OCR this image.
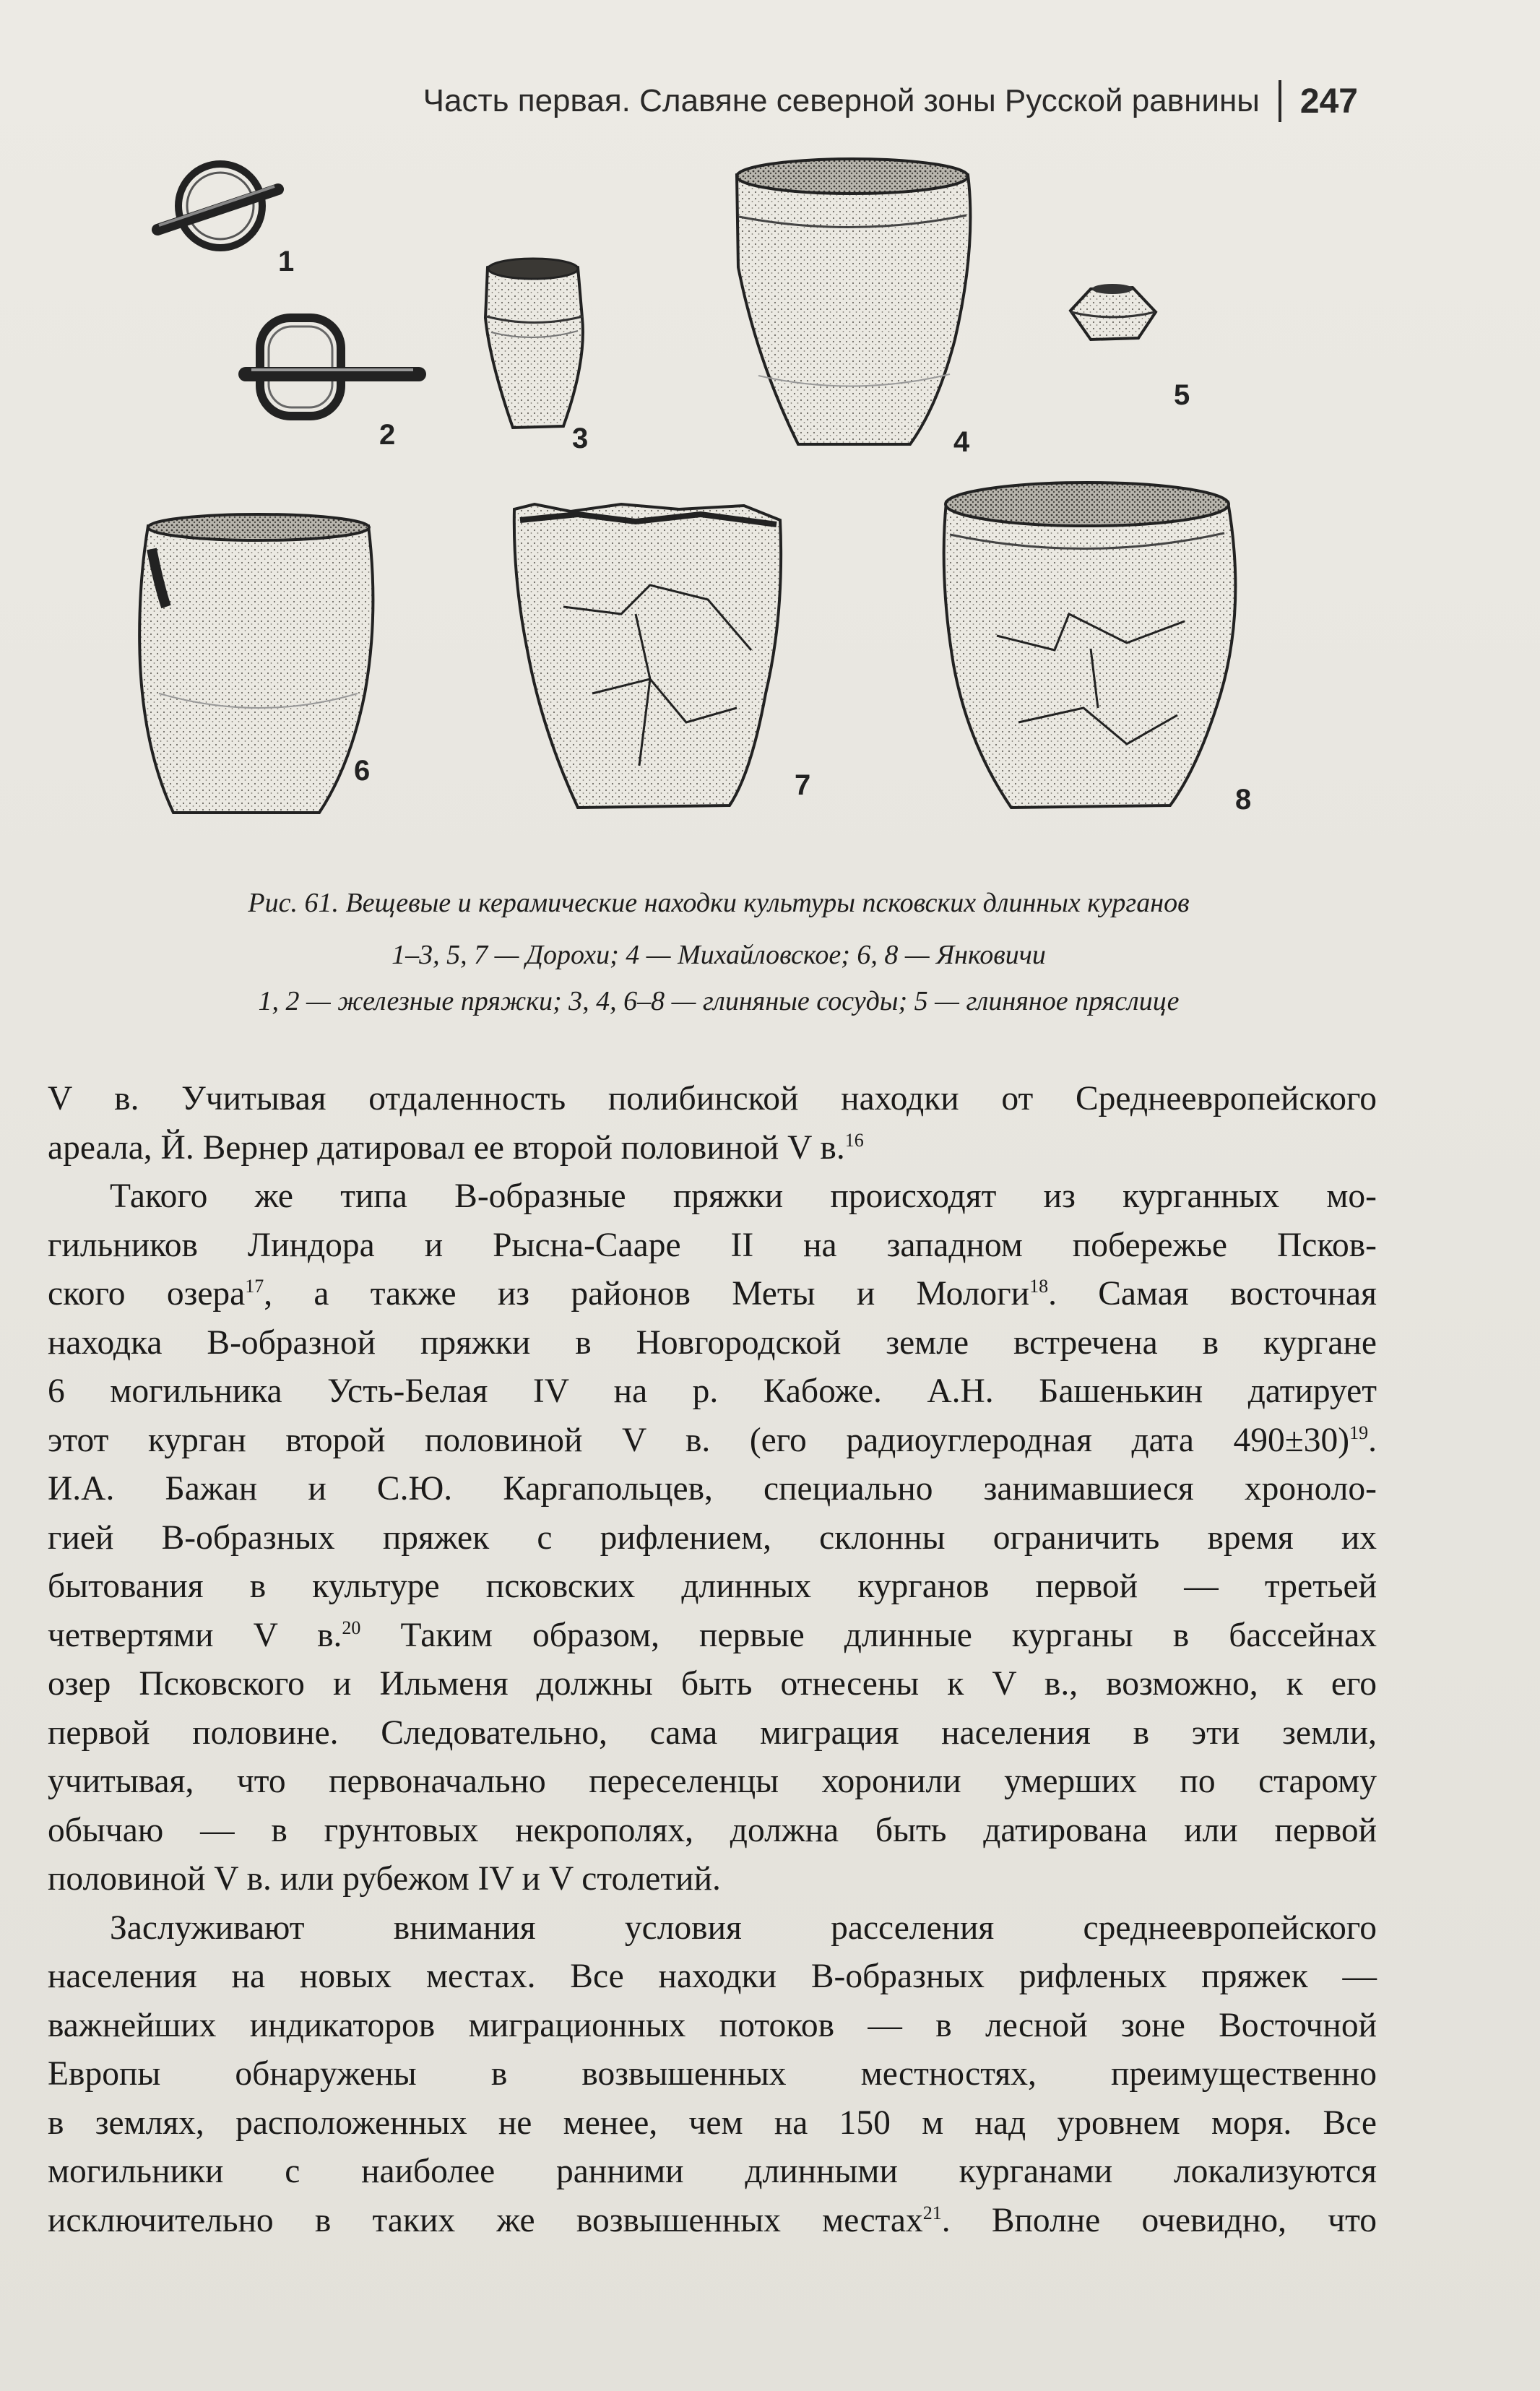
Часть первая. Славяне северной зоны Русской равнины 247
1
2	3	4
5
6	7	8
Рис. 61. Вещевые и керамические находки культуры псковских длинных курганов
1–3, 5, 7 — Дорохи; 4 — Михайловское; 6, 8 — Янковичи
1, 2 — железные пряжки; 3, 4, 6–8 — глиняные сосуды; 5 — глиняное пряслице

V в. Учитывая отдаленность полибинской находки от Среднеевропейского

ареала, Й. Вернер датировал ее второй половиной V в.$^{16}$

Такого же типа В-образные пряжки происходят из курганных мо-

гильников Линдора и Рысна-Сааре II на западном побережье Псков-

ского озера$^{17}$, а также из районов Меты и Мологи$^{18}$. Самая восточная

находка В-образной пряжки в Новгородской земле встречена в кургане

6 могильника Усть-Белая IV на р. Кабоже. А.Н. Башенькин датирует

этот курган второй половиной V в. (его радиоуглеродная дата 490±30)$^{19}$.

И.А. Бажан и С.Ю. Каргапольцев, специально занимавшиеся хроноло-

гией В-образных пряжек с рифлением, склонны ограничить время их

бытования в культуре псковских длинных курганов первой — третьей

четвертями V в.$^{20}$ Таким образом, первые длинные курганы в бассейнах

озер Псковского и Ильменя должны быть отнесены к V в., возможно, к его

первой половине. Следовательно, сама миграция населения в эти земли,

учитывая, что первоначально переселенцы хоронили умерших по старому

обычаю — в грунтовых некрополях, должна быть датирована или первой

половиной V в. или рубежом IV и V столетий.

Заслуживают внимания условия расселения среднеевропейского

населения на новых местах. Все находки В-образных рифленых пряжек —

важнейших индикаторов миграционных потоков — в лесной зоне Восточной

Европы обнаружены в возвышенных местностях, преимущественно

в землях, расположенных не менее, чем на 150 м над уровнем моря. Все

могильники с наиболее ранними длинными курганами локализуются

исключительно в таких же возвышенных местах$^{21}$. Вполне очевидно, что
